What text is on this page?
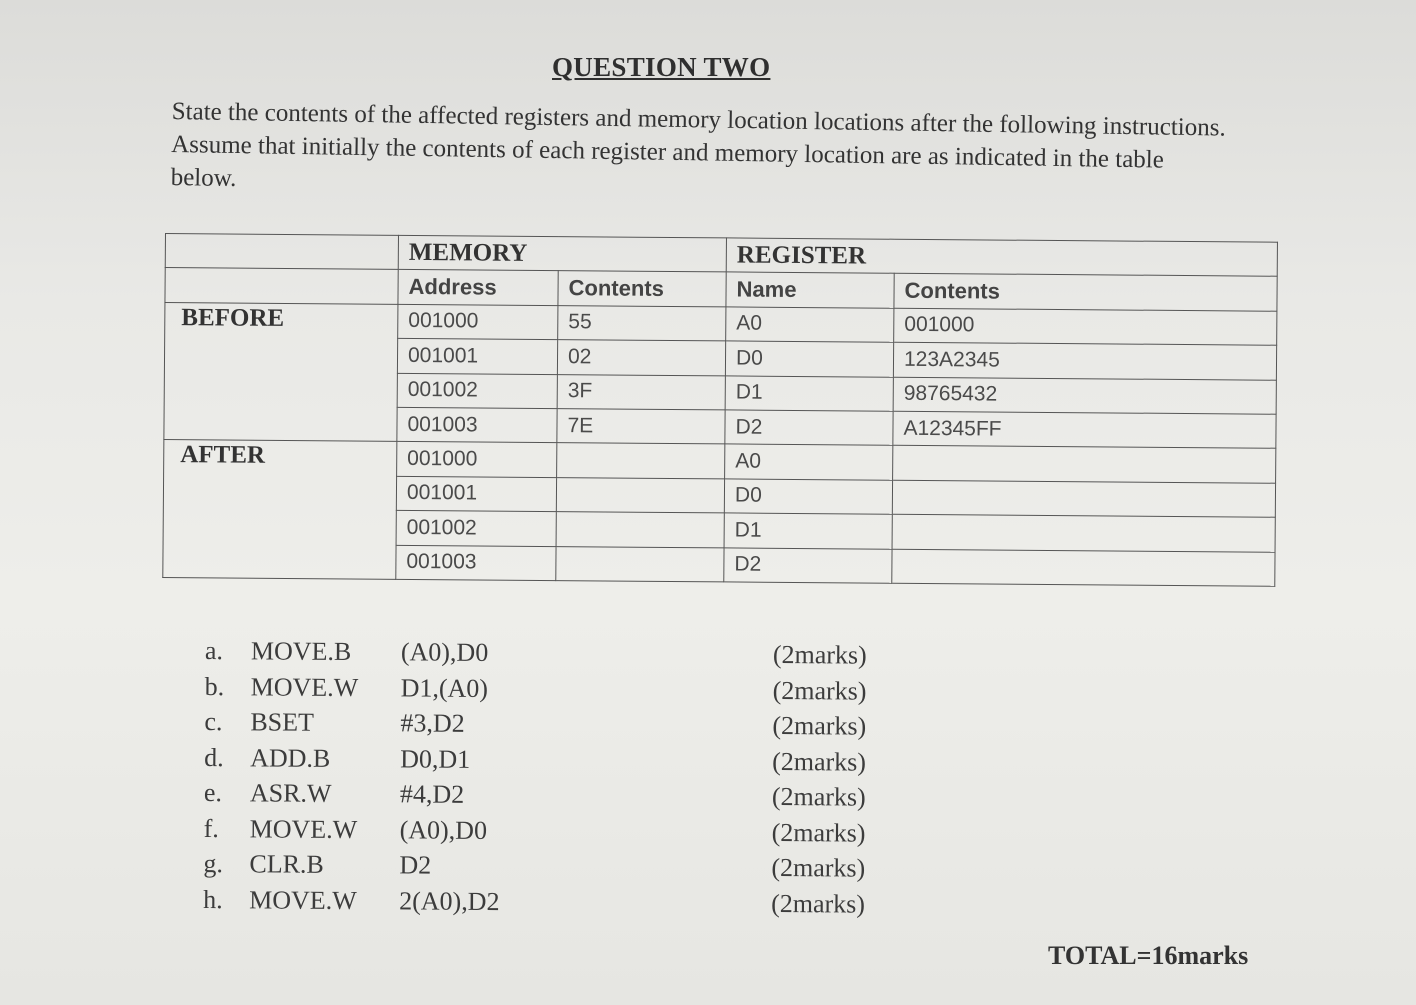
QUESTION TWO
State the contents of the affected registers and memory location locations after the following instructions. Assume that initially the contents of each register and memory location are as indicated in the table below.
	MEMORY		REGISTER	
	Address	Contents	Name	Contents
BEFORE	001000	55	A0	001000
	001001	02	D0	123A2345
	001002	3F	D1	98765432
	001003	7E	D2	A12345FF
AFTER	001000		A0	
	001001		D0	
	001002		D1	
	001003		D2	
a. MOVE.B (A0),D0	(2marks)
b. MOVE.W D1,(A0)	(2marks)
c. BSET	#3,D2	(2marks)
d. ADD.B	D0,D1	(2marks)
e. ASR.W	#4,D2	(2marks)
f. MOVE.W (A0),D0	(2marks)
g. CLR.B	D2	(2marks)
h. MOVE.W 2(A0),D2	(2marks)
TOTAL=16marks
